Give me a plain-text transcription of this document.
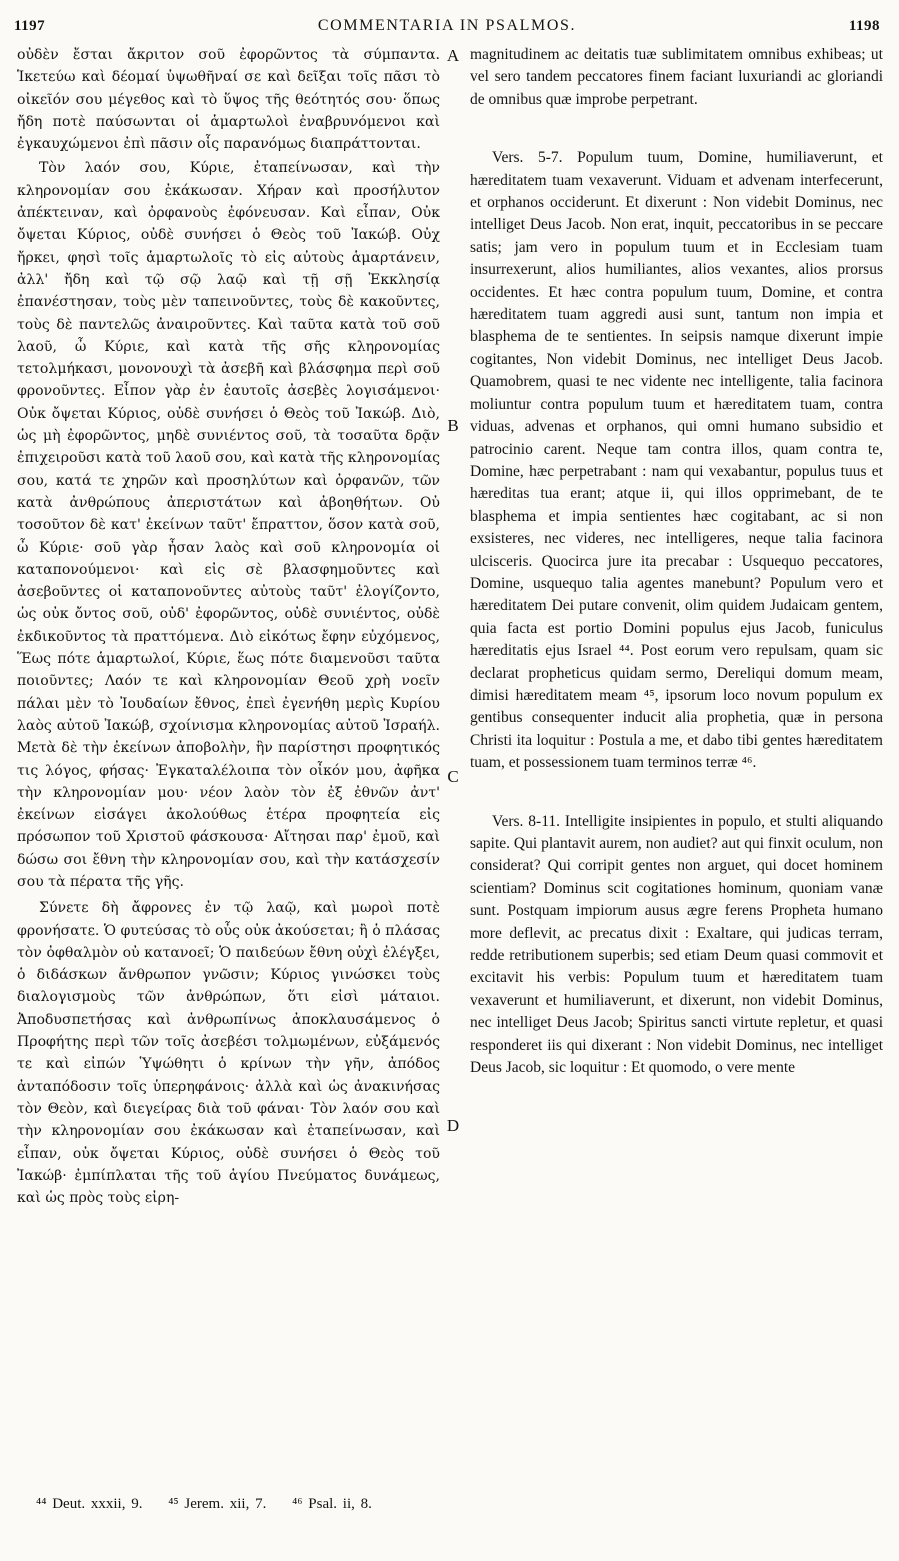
1197	COMMENTARIA IN PSALMOS.	1198

οὐδὲν ἔσται ἄκριτον σοῦ ἐφορῶντος τὰ σύμπαντα. Ἱκετεύω καὶ δέομαί ὑψωθῆναί σε καὶ δεῖξαι τοῖς πᾶσι τὸ οἰκεῖόν σου μέγεθος καὶ τὸ ὕψος τῆς θεότητός σου· ὅπως ἤδη ποτὲ παύσωνται οἱ ἁμαρτωλοὶ ἐναβρυνόμενοι καὶ ἐγκαυχώμενοι ἐπὶ πᾶσιν οἷς παρανόμως διαπράττονται.

Τὸν λαόν σου, Κύριε, ἐταπείνωσαν, καὶ τὴν κληρονομίαν σου ἐκάκωσαν. Χήραν καὶ προσήλυτον ἀπέκτειναν, καὶ ὀρφανοὺς ἐφόνευσαν. Καὶ εἶπαν, Οὐκ ὄψεται Κύριος, οὐδὲ συνήσει ὁ Θεὸς τοῦ Ἰακώβ. Οὐχ ἤρκει, φησὶ τοῖς ἁμαρτωλοῖς τὸ εἰς αὐτοὺς ἁμαρτάνειν, ἀλλ' ἤδη καὶ τῷ σῷ λαῷ καὶ τῇ σῇ Ἐκκλησίᾳ ἐπανέστησαν, τοὺς μὲν ταπεινοῦντες, τοὺς δὲ κακοῦντες, τοὺς δὲ παντελῶς ἀναιροῦντες. Καὶ ταῦτα κατὰ τοῦ σοῦ λαοῦ, ὦ Κύριε, καὶ κατὰ τῆς σῆς κληρονομίας τετολμήκασι, μονονουχὶ τὰ ἀσεβῆ καὶ βλάσφημα περὶ σοῦ φρονοῦντες. Εἶπον γὰρ ἐν ἑαυτοῖς ἀσεβὲς λογισάμενοι· Οὐκ ὄψεται Κύριος, οὐδὲ συνήσει ὁ Θεὸς τοῦ Ἰακώβ. Διὸ, ὡς μὴ ἐφορῶντος, μηδὲ συνιέντος σοῦ, τὰ τοσαῦτα δρᾷν ἐπιχειροῦσι κατὰ τοῦ λαοῦ σου, καὶ κατὰ τῆς κληρονομίας σου, κατά τε χηρῶν καὶ προσηλύτων καὶ ὀρφανῶν, τῶν κατὰ ἀνθρώπους ἀπεριστάτων καὶ ἀβοηθήτων. Οὐ τοσοῦτον δὲ κατ' ἐκείνων ταῦτ' ἔπραττον, ὅσον κατὰ σοῦ, ὦ Κύριε· σοῦ γὰρ ἦσαν λαὸς καὶ σοῦ κληρονομία οἱ καταπονούμενοι· καὶ εἰς σὲ βλασφημοῦντες καὶ ἀσεβοῦντες οἱ καταπονοῦντες αὐτοὺς ταῦτ' ἐλογίζοντο, ὡς οὐκ ὄντος σοῦ, οὐδ' ἐφορῶντος, οὐδὲ συνιέντος, οὐδὲ ἐκδικοῦντος τὰ πραττόμενα. Διὸ εἰκότως ἔφην εὐχόμενος, Ἕως πότε ἁμαρτωλοί, Κύριε, ἕως πότε διαμενοῦσι ταῦτα ποιοῦντες; Λαόν τε καὶ κληρονομίαν Θεοῦ χρὴ νοεῖν πάλαι μὲν τὸ Ἰουδαίων ἔθνος, ἐπεὶ ἐγενήθη μερὶς Κυρίου λαὸς αὐτοῦ Ἰακώβ, σχοίνισμα κληρονομίας αὐτοῦ Ἰσραήλ. Μετὰ δὲ τὴν ἐκείνων ἀποβολὴν, ἣν παρίστησι προφητικός τις λόγος, φήσας· Ἐγκαταλέλοιπα τὸν οἶκόν μου, ἀφῆκα τὴν κληρονομίαν μου· νέον λαὸν τὸν ἐξ ἐθνῶν ἀντ' ἐκείνων εἰσάγει ἀκολούθως ἑτέρα προφητεία εἰς πρόσωπον τοῦ Χριστοῦ φάσκουσα· Αἴτησαι παρ' ἐμοῦ, καὶ δώσω σοι ἔθνη τὴν κληρονομίαν σου, καὶ τὴν κατάσχεσίν σου τὰ πέρατα τῆς γῆς.

Σύνετε δὴ ἄφρονες ἐν τῷ λαῷ, καὶ μωροὶ ποτὲ φρονήσατε. Ὁ φυτεύσας τὸ οὖς οὐκ ἀκούσεται; ἢ ὁ πλάσας τὸν ὀφθαλμὸν οὐ κατανοεῖ; Ὁ παιδεύων ἔθνη οὐχὶ ἐλέγξει, ὁ διδάσκων ἄνθρωπον γνῶσιν; Κύριος γινώσκει τοὺς διαλογισμοὺς τῶν ἀνθρώπων, ὅτι εἰσὶ μάταιοι. Ἀποδυσπετήσας καὶ ἀνθρωπίνως ἀποκλαυσάμενος ὁ Προφήτης περὶ τῶν τοῖς ἀσεβέσι τολμωμένων, εὐξάμενός τε καὶ εἰπών Ὑψώθητι ὁ κρίνων τὴν γῆν, ἀπόδος ἀνταπόδοσιν τοῖς ὑπερηφάνοις· ἀλλὰ καὶ ὡς ἀνακινήσας τὸν Θεὸν, καὶ διεγείρας διὰ τοῦ φάναι· Τὸν λαόν σου καὶ τὴν κληρονομίαν σου ἐκάκωσαν καὶ ἐταπείνωσαν, καὶ εἶπαν, οὐκ ὄψεται Κύριος, οὐδὲ συνήσει ὁ Θεὸς τοῦ Ἰακώβ· ἐμπίπλαται τῆς τοῦ ἁγίου Πνεύματος δυνάμεως, καὶ ὡς πρὸς τοὺς εἰρη-

A
B
C
D

magnitudinem ac deitatis tuæ sublimitatem omnibus exhibeas; ut vel sero tandem peccatores finem faciant luxuriandi ac gloriandi de omnibus quæ improbe perpetrant.

Vers. 5-7. Populum tuum, Domine, humiliaverunt, et hæreditatem tuam vexaverunt. Viduam et advenam interfecerunt, et orphanos occiderunt. Et dixerunt : Non videbit Dominus, nec intelliget Deus Jacob. Non erat, inquit, peccatoribus in se peccare satis; jam vero in populum tuum et in Ecclesiam tuam insurrexerunt, alios humiliantes, alios vexantes, alios prorsus occidentes. Et hæc contra populum tuum, Domine, et contra hæreditatem tuam aggredi ausi sunt, tantum non impia et blasphema de te sentientes. In seipsis namque dixerunt impie cogitantes, Non videbit Dominus, nec intelliget Deus Jacob. Quamobrem, quasi te nec vidente nec intelligente, talia facinora moliuntur contra populum tuum et hæreditatem tuam, contra viduas, advenas et orphanos, qui omni humano subsidio et patrocinio carent. Neque tam contra illos, quam contra te, Domine, hæc perpetrabant : nam qui vexabantur, populus tuus et hæreditas tua erant; atque ii, qui illos opprimebant, de te blasphema et impia sentientes hæc cogitabant, ac si non exsisteres, nec videres, nec intelligeres, neque talia facinora ulcisceris. Quocirca jure ita precabar : Usquequo peccatores, Domine, usquequo talia agentes manebunt? Populum vero et hæreditatem Dei putare convenit, olim quidem Judaicam gentem, quia facta est portio Domini populus ejus Jacob, funiculus hæreditatis ejus Israel ⁴⁴. Post eorum vero repulsam, quam sic declarat propheticus quidam sermo, Dereliqui domum meam, dimisi hæreditatem meam ⁴⁵, ipsorum loco novum populum ex gentibus consequenter inducit alia prophetia, quæ in persona Christi ita loquitur : Postula a me, et dabo tibi gentes hæreditatem tuam, et possessionem tuam terminos terræ ⁴⁶.

Vers. 8-11. Intelligite insipientes in populo, et stulti aliquando sapite. Qui plantavit aurem, non audiet? aut qui finxit oculum, non considerat? Qui corripit gentes non arguet, qui docet hominem scientiam? Dominus scit cogitationes hominum, quoniam vanæ sunt. Postquam impiorum ausus ægre ferens Propheta humano more deflevit, ac precatus dixit : Exaltare, qui judicas terram, redde retributionem superbis; sed etiam Deum quasi commovit et excitavit his verbis: Populum tuum et hæreditatem tuam vexaverunt et humiliaverunt, et dixerunt, non videbit Dominus, nec intelliget Deus Jacob; Spiritus sancti virtute repletur, et quasi responderet iis qui dixerant : Non videbit Dominus, nec intelliget Deus Jacob, sic loquitur : Et quomodo, o vere mente

⁴⁴ Deut. xxxii, 9. ⁴⁵ Jerem. xii, 7. ⁴⁶ Psal. ii, 8.
